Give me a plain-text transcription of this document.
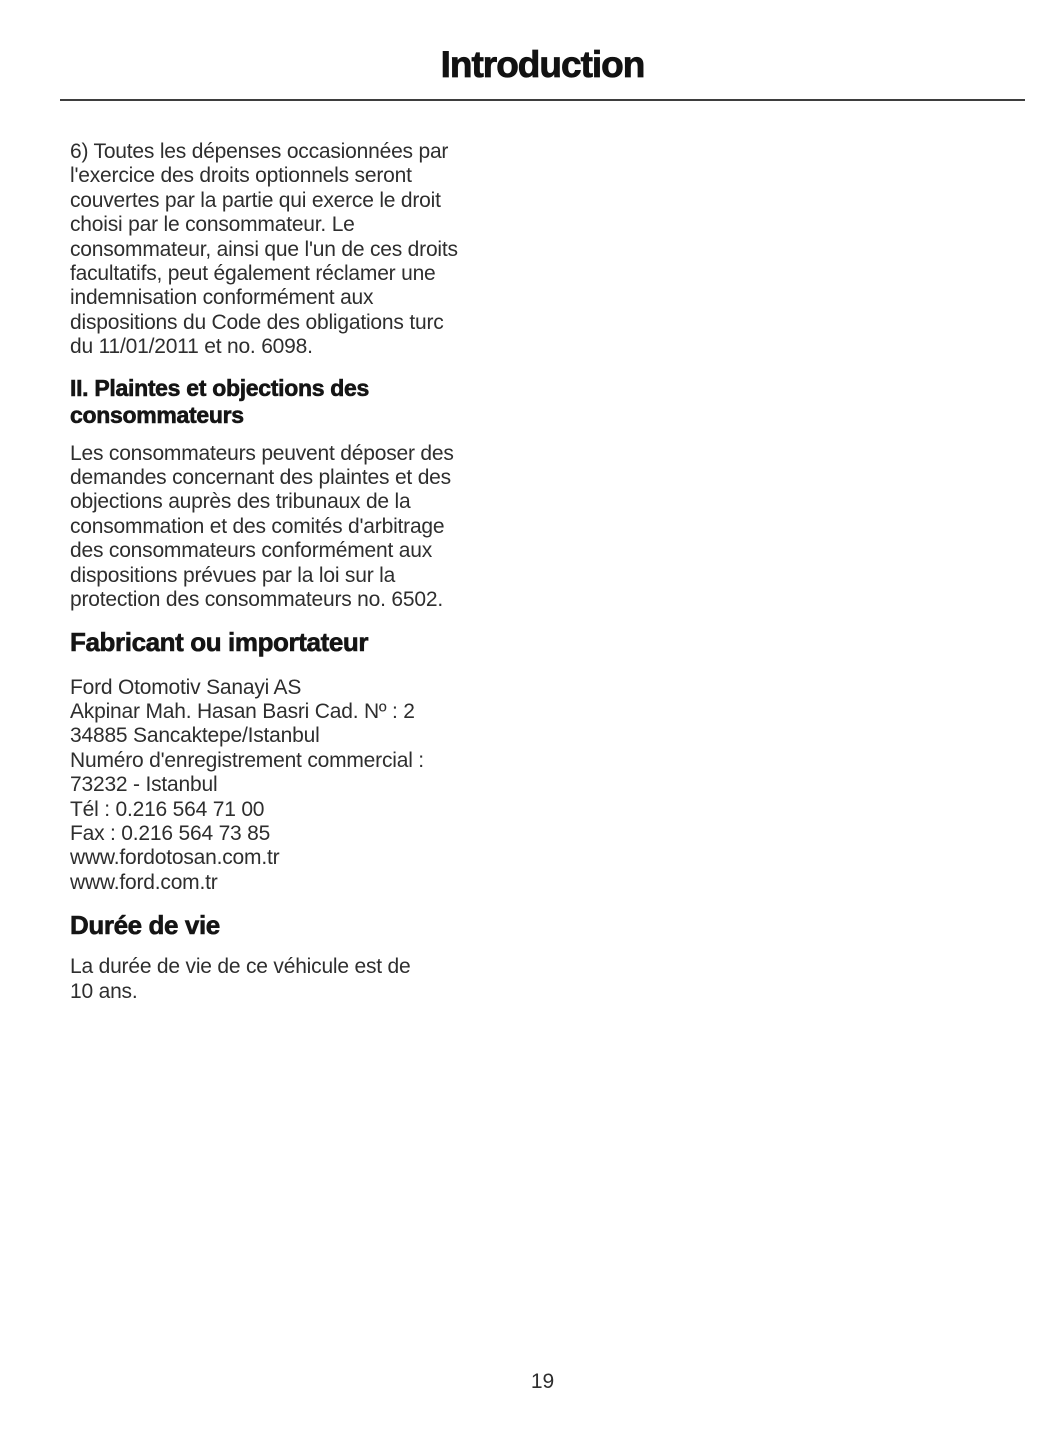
Introduction
6) Toutes les dépenses occasionnées par
l'exercice des droits optionnels seront
couvertes par la partie qui exerce le droit
choisi par le consommateur. Le
consommateur, ainsi que l'un de ces droits
facultatifs, peut également réclamer une
indemnisation conformément aux
dispositions du Code des obligations turc
du 11/01/2011 et no. 6098.
II. Plaintes et objections des
consommateurs
Les consommateurs peuvent déposer des
demandes concernant des plaintes et des
objections auprès des tribunaux de la
consommation et des comités d'arbitrage
des consommateurs conformément aux
dispositions prévues par la loi sur la
protection des consommateurs no. 6502.
Fabricant ou importateur
Ford Otomotiv Sanayi AS
Akpinar Mah. Hasan Basri Cad. Nº : 2
34885 Sancaktepe/Istanbul
Numéro d'enregistrement commercial :
73232 - Istanbul
Tél : 0.216 564 71 00
Fax : 0.216 564 73 85
www.fordotosan.com.tr
www.ford.com.tr
Durée de vie
La durée de vie de ce véhicule est de
10 ans.
19
